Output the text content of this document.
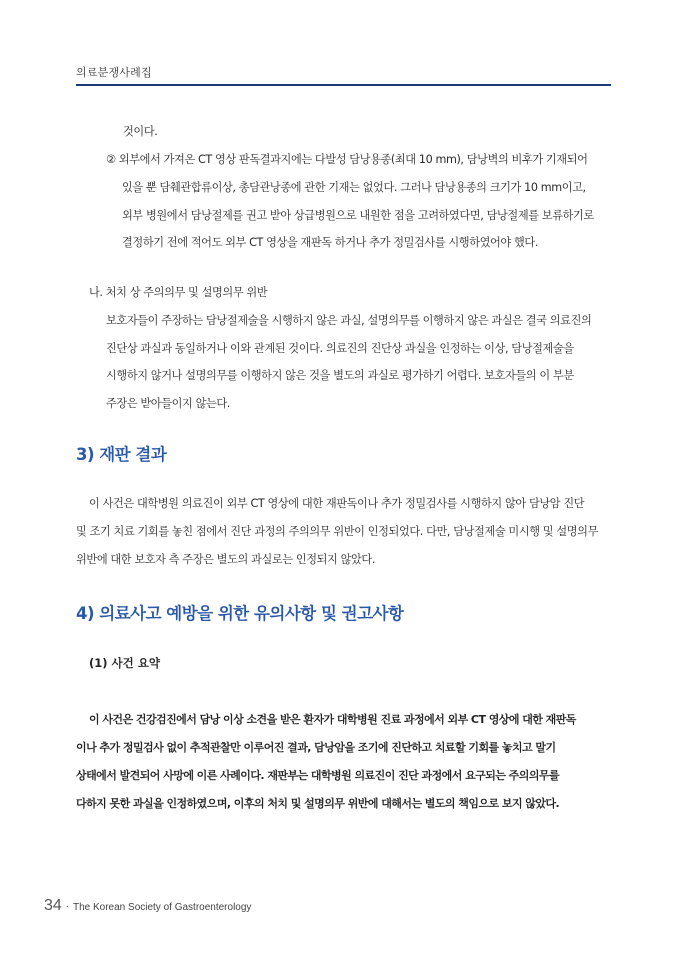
의료분쟁사례집
것이다.
② 외부에서 가져온 CT 영상 판독결과지에는 다발성 담낭용종(최대 10 mm), 담낭벽의 비후가 기재되어
있을 뿐 담췌관합류이상, 총담관낭종에 관한 기재는 없었다. 그러나 담낭용종의 크기가 10 mm이고,
외부 병원에서 담낭절제를 권고 받아 상급병원으로 내원한 점을 고려하였다면, 담낭절제를 보류하기로
결정하기 전에 적어도 외부 CT 영상을 재판독 하거나 추가 정밀검사를 시행하였어야 했다.
나. 처치 상 주의의무 및 설명의무 위반
보호자들이 주장하는 담낭절제술을 시행하지 않은 과실, 설명의무를 이행하지 않은 과실은 결국 의료진의
진단상 과실과 동일하거나 이와 관계된 것이다. 의료진의 진단상 과실을 인정하는 이상, 담낭절제술을
시행하지 않거나 설명의무를 이행하지 않은 것을 별도의 과실로 평가하기 어렵다. 보호자들의 이 부분
주장은 받아들이지 않는다.
3) 재판 결과
이 사건은 대학병원 의료진이 외부 CT 영상에 대한 재판독이나 추가 정밀검사를 시행하지 않아 담낭암 진단
및 조기 치료 기회를 놓친 점에서 진단 과정의 주의의무 위반이 인정되었다. 다만, 담낭절제술 미시행 및 설명의무
위반에 대한 보호자 측 주장은 별도의 과실로는 인정되지 않았다.
4) 의료사고 예방을 위한 유의사항 및 권고사항
(1) 사건 요약
이 사건은 건강검진에서 담낭 이상 소견을 받은 환자가 대학병원 진료 과정에서 외부 CT 영상에 대한 재판독
이나 추가 정밀검사 없이 추적관찰만 이루어진 결과, 담낭암을 조기에 진단하고 치료할 기회를 놓치고 말기
상태에서 발견되어 사망에 이른 사례이다. 재판부는 대학병원 의료진이 진단 과정에서 요구되는 주의의무를
다하지 못한 과실을 인정하였으며, 이후의 처치 및 설명의무 위반에 대해서는 별도의 책임으로 보지 않았다.
34 · The Korean Society of Gastroenterology
